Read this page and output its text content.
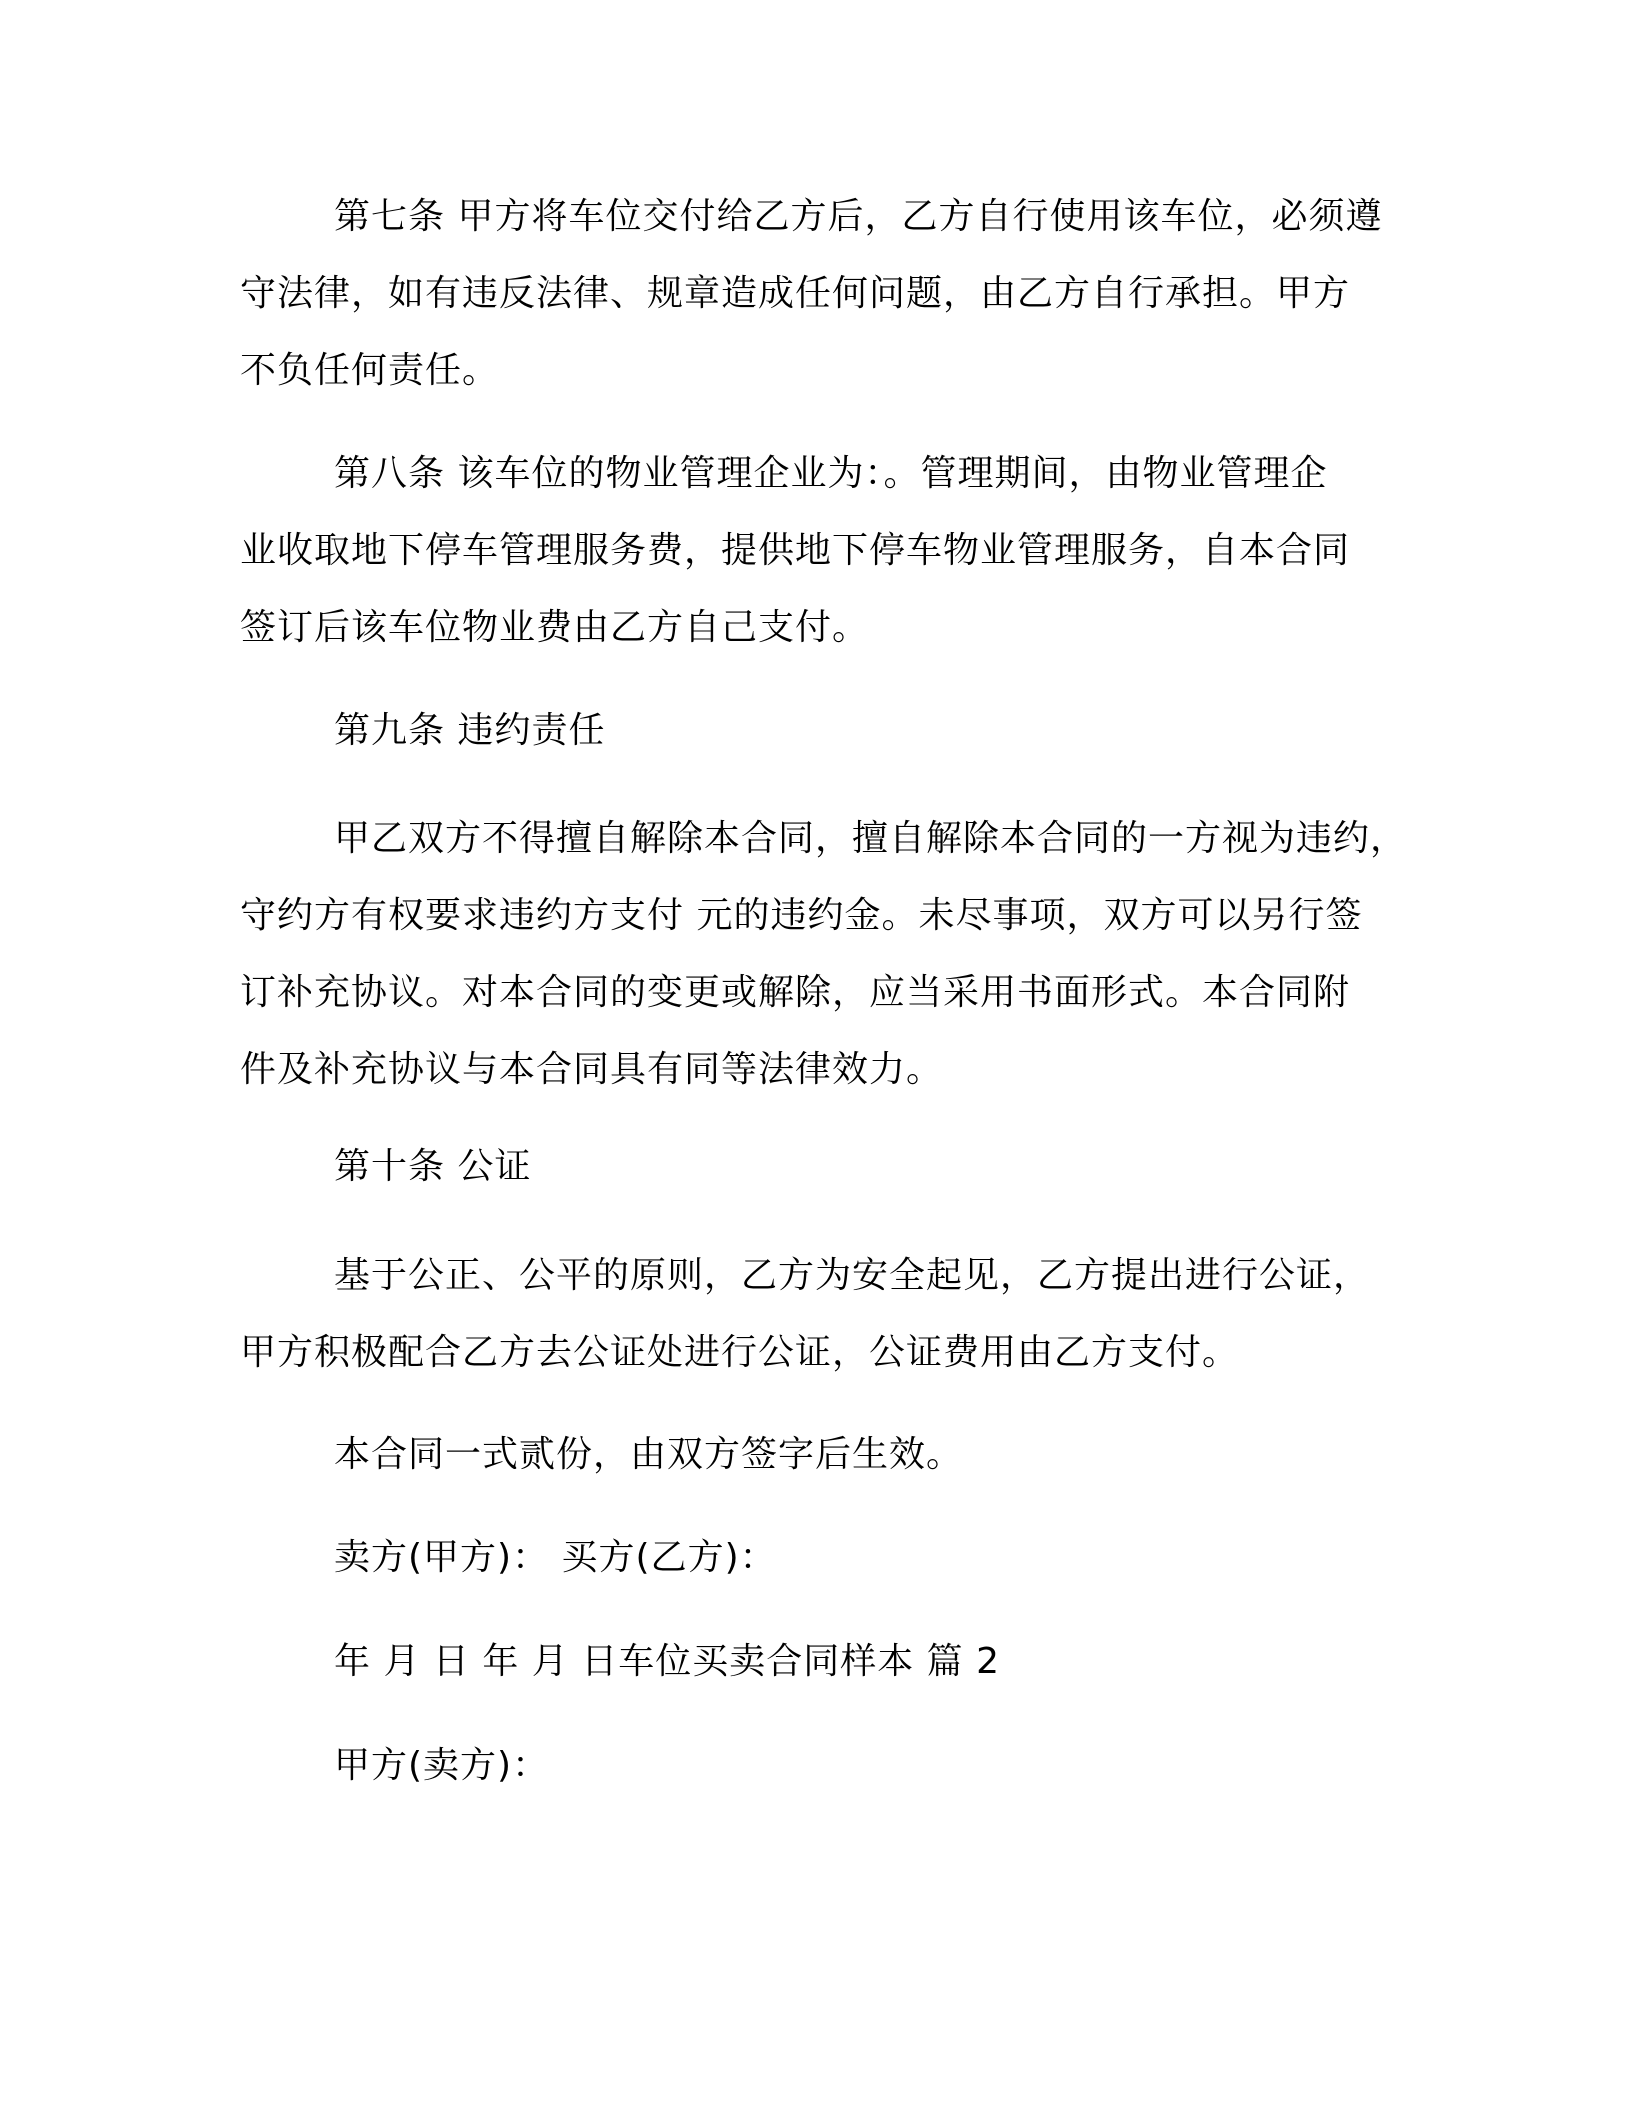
第七条 甲方将车位交付给乙方后，乙方自行使用该车位，必须遵
守法律，如有违反法律、规章造成任何问题，由乙方自行承担。甲方
不负任何责任。

第八条 该车位的物业管理企业为：。管理期间，由物业管理企
业收取地下停车管理服务费，提供地下停车物业管理服务，自本合同
签订后该车位物业费由乙方自己支付。

第九条 违约责任

甲乙双方不得擅自解除本合同，擅自解除本合同的一方视为违约，
守约方有权要求违约方支付 元的违约金。未尽事项，双方可以另行签
订补充协议。对本合同的变更或解除，应当采用书面形式。本合同附
件及补充协议与本合同具有同等法律效力。

第十条 公证

基于公正、公平的原则，乙方为安全起见，乙方提出进行公证，
甲方积极配合乙方去公证处进行公证，公证费用由乙方支付。

本合同一式贰份，由双方签字后生效。

卖方(甲方)： 买方(乙方)：

年 月 日 年 月 日车位买卖合同样本 篇 2

甲方(卖方)：
